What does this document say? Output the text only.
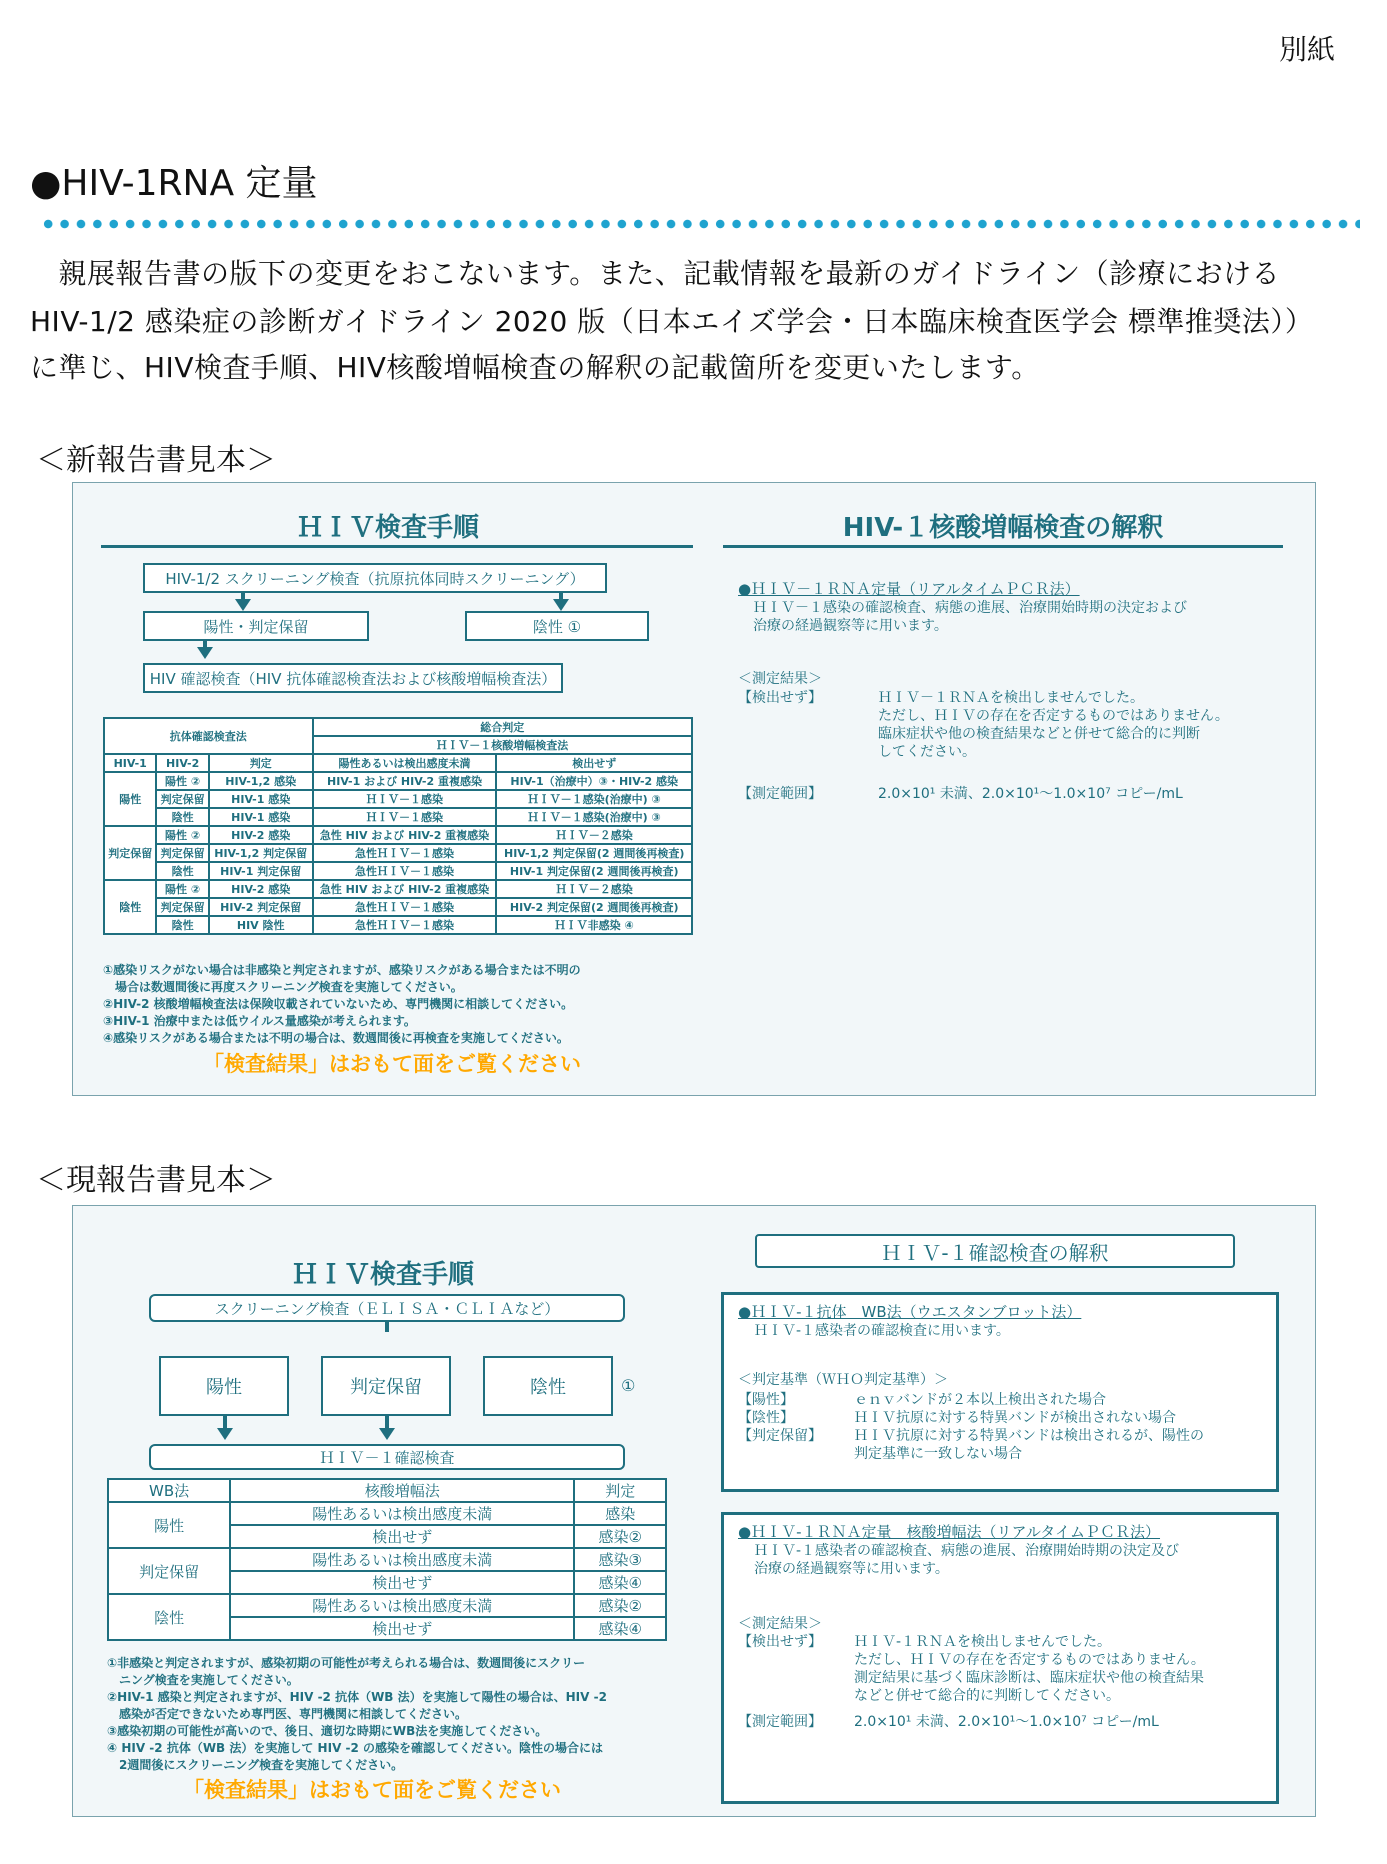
別紙
●HIV-1RNA 定量
　親展報告書の版下の変更をおこないます。また、記載情報を最新のガイドライン（診療における
HIV-1/2 感染症の診断ガイドライン 2020 版（日本エイズ学会・日本臨床検査医学会 標準推奨法））
に準じ、HIV検査手順、HIV核酸増幅検査の解釈の記載箇所を変更いたします。
＜新報告書見本＞
ＨＩＶ検査手順
HIV-1/2 スクリーニング検査（抗原抗体同時スクリーニング）
陽性・判定保留	陰性 ①
HIV 確認検査（HIV 抗体確認検査法および核酸増幅検査法）
抗体確認検査法			総合判定	
			ＨＩＶ－１核酸増幅検査法	
HIV-1	HIV-2	判定	陽性あるいは検出感度未満	検出せず
陽性	陽性 ②	HIV-1,2 感染	HIV-1 および HIV-2 重複感染	HIV-1（治療中）③・HIV-2 感染
	判定保留	HIV-1 感染	ＨＩＶ－１感染	ＨＩＶ－１感染(治療中) ③
	陰性	HIV-1 感染	ＨＩＶ－１感染	ＨＩＶ－１感染(治療中) ③
判定保留	陽性 ②	HIV-2 感染	急性 HIV および HIV-2 重複感染	ＨＩＶ－２感染
	判定保留	HIV-1,2 判定保留	急性ＨＩＶ－１感染	HIV-1,2 判定保留(2 週間後再検査)
	陰性	HIV-1 判定保留	急性ＨＩＶ－１感染	HIV-1 判定保留(2 週間後再検査)
陰性	陽性 ②	HIV-2 感染	急性 HIV および HIV-2 重複感染	ＨＩＶ－２感染
	判定保留	HIV-2 判定保留	急性ＨＩＶ－１感染	HIV-2 判定保留(2 週間後再検査)
	陰性	HIV 陰性	急性ＨＩＶ－１感染	ＨＩＶ非感染 ④
①感染リスクがない場合は非感染と判定されますが、感染リスクがある場合または不明の
　場合は数週間後に再度スクリーニング検査を実施してください。
②HIV-2 核酸増幅検査法は保険収載されていないため、専門機関に相談してください。
③HIV-1 治療中または低ウイルス量感染が考えられます。
④感染リスクがある場合または不明の場合は、数週間後に再検査を実施してください。
「検査結果」はおもて面をご覧ください
HIV-１核酸増幅検査の解釈
●ＨＩＶ－１ＲＮＡ定量（リアルタイムＰＣＲ法）
ＨＩＶ－１感染の確認検査、病態の進展、治療開始時期の決定および
治療の経過観察等に用います。
＜測定結果＞
【検出せず】	ＨＩＶ－１ＲＮＡを検出しませんでした。
ただし、ＨＩＶの存在を否定するものではありません。
臨床症状や他の検査結果などと併せて総合的に判断
してください。
【測定範囲】	2.0×10¹ 未満、2.0×10¹～1.0×10⁷ コピー/mL
＜現報告書見本＞
ＨＩＶ検査手順
スクリーニング検査（ＥＬＩＳＡ・ＣＬＩＡなど）
陽性	判定保留	陰性	①
ＨＩＶ－１確認検査
WB法	核酸増幅法	判定
陽性	陽性あるいは検出感度未満	感染
	検出せず	感染②
判定保留	陽性あるいは検出感度未満	感染③
	検出せず	感染④
陰性	陽性あるいは検出感度未満	感染②
	検出せず	感染④
①非感染と判定されますが、感染初期の可能性が考えられる場合は、数週間後にスクリー
　ニング検査を実施してください。
②HIV-1 感染と判定されますが、HIV -2 抗体（WB 法）を実施して陽性の場合は、HIV -2
　感染が否定できないため専門医、専門機関に相談してください。
③感染初期の可能性が高いので、後日、適切な時期にWB法を実施してください。
④ HIV -2 抗体（WB 法）を実施して HIV -2 の感染を確認してください。陰性の場合には
　2週間後にスクリーニング検査を実施してください。
「検査結果」はおもて面をご覧ください
ＨＩＶ-１確認検査の解釈
●ＨＩＶ-１抗体　WB法（ウエスタンブロット法）
ＨＩＶ-１感染者の確認検査に用います。
＜判定基準（ＷＨＯ判定基準）＞
【陽性】	ｅｎｖバンドが２本以上検出された場合
【陰性】	ＨＩＶ抗原に対する特異バンドが検出されない場合
【判定保留】 ＨＩＶ抗原に対する特異バンドは検出されるが、陽性の
判定基準に一致しない場合
●ＨＩＶ-１ＲＮＡ定量　核酸増幅法（リアルタイムＰＣＲ法）
ＨＩＶ-１感染者の確認検査、病態の進展、治療開始時期の決定及び
治療の経過観察等に用います。
＜測定結果＞
【検出せず】 ＨＩＶ-１ＲＮＡを検出しませんでした。
ただし、ＨＩＶの存在を否定するものではありません。
測定結果に基づく臨床診断は、臨床症状や他の検査結果
などと併せて総合的に判断してください。
【測定範囲】 2.0×10¹ 未満、2.0×10¹～1.0×10⁷ コピー/mL
